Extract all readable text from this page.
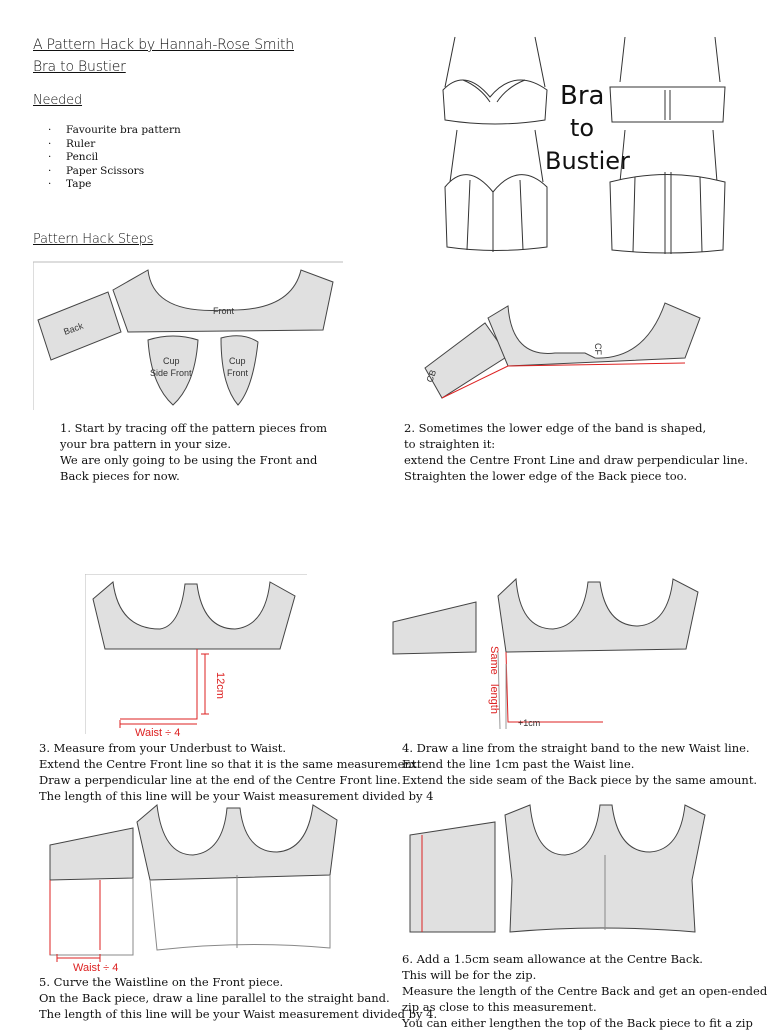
A Pattern Hack by Hannah-Rose Smith
Bra to Bustier
Needed
· Favourite bra pattern
· Ruler
· Pencil
· Paper Scissors
· Tape
Bra
to
Bustier
Pattern Hack Steps
Back
Front
Cup
Side Front
Cup
Front
CF
CB
1. Start by tracing off the pattern pieces from
your bra pattern in your size.
We are only going to be using the Front and
Back pieces for now.
2. Sometimes the lower edge of the band is shaped,
to straighten it:
extend the Centre Front Line and draw perpendicular line.
Straighten the lower edge of the Back piece too.
12cm
Waist ÷ 4
Same
length
+1cm
3. Measure from your Underbust to Waist.
Extend the Centre Front line so that it is the same measurement.
Draw a perpendicular line at the end of the Centre Front line.
The length of this line will be your Waist measurement divided by 4
4. Draw a line from the straight band to the new Waist line.
Extend the line 1cm past the Waist line.
Extend the side seam of the Back piece by the same amount.
Waist ÷ 4
5. Curve the Waistline on the Front piece.
On the Back piece, draw a line parallel to the straight band.
The length of this line will be your Waist measurement divided by 4.
6. Add a 1.5cm seam allowance at the Centre Back.
This will be for the zip.
Measure the length of the Centre Back and get an open-ended
zip as close to this measurement.
You can either lengthen the top of the Back piece to fit a zip
